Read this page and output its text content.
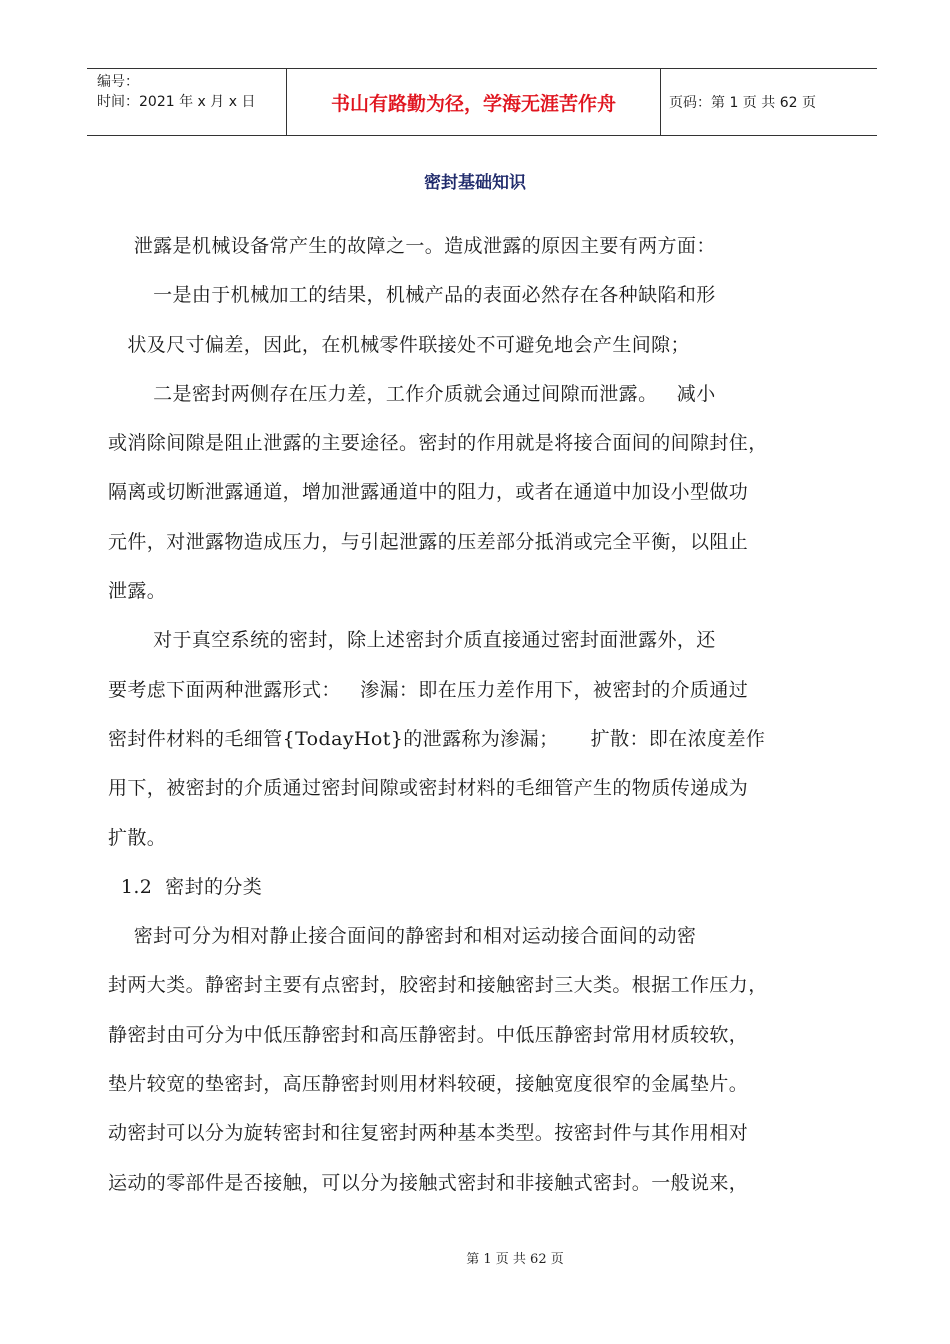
编号：
时间：2021 年 x 月 x 日	书山有路勤为径，学海无涯苦作舟	页码：第 1 页 共 62 页
密封基础知识
泄露是机械设备常产生的故障之一。造成泄露的原因主要有两方面：
一是由于机械加工的结果，机械产品的表面必然存在各种缺陷和形
状及尺寸偏差，因此，在机械零件联接处不可避免地会产生间隙；
二是密封两侧存在压力差，工作介质就会通过间隙而泄露。   减小
或消除间隙是阻止泄露的主要途径。密封的作用就是将接合面间的间隙封住，
隔离或切断泄露通道，增加泄露通道中的阻力，或者在通道中加设小型做功
元件，对泄露物造成压力，与引起泄露的压差部分抵消或完全平衡，以阻止
泄露。
对于真空系统的密封，除上述密封介质直接通过密封面泄露外，还
要考虑下面两种泄露形式：   渗漏：即在压力差作用下，被密封的介质通过
密封件材料的毛细管{TodayHot}的泄露称为渗漏；     扩散：即在浓度差作
用下，被密封的介质通过密封间隙或密封材料的毛细管产生的物质传递成为
扩散。
1.2  密封的分类
密封可分为相对静止接合面间的静密封和相对运动接合面间的动密
封两大类。静密封主要有点密封，胶密封和接触密封三大类。根据工作压力，
静密封由可分为中低压静密封和高压静密封。中低压静密封常用材质较软，
垫片较宽的垫密封，高压静密封则用材料较硬，接触宽度很窄的金属垫片。
动密封可以分为旋转密封和往复密封两种基本类型。按密封件与其作用相对
运动的零部件是否接触，可以分为接触式密封和非接触式密封。一般说来，
第 1 页 共 62 页
